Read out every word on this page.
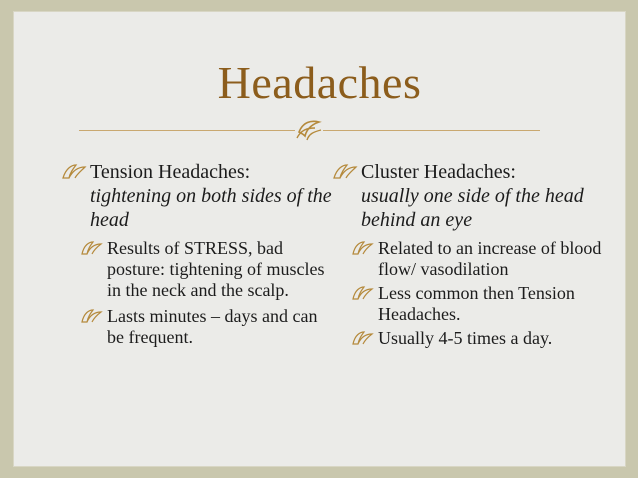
Headaches
Tension Headaches:
tightening on both sides of the head
Results of STRESS, bad posture: tightening of muscles in the neck and the scalp.
Lasts minutes – days and can be frequent.
Cluster Headaches:
usually one side of the head behind an eye
Related to an increase of blood flow/ vasodilation
Less common then Tension Headaches.
Usually 4-5 times a day.
